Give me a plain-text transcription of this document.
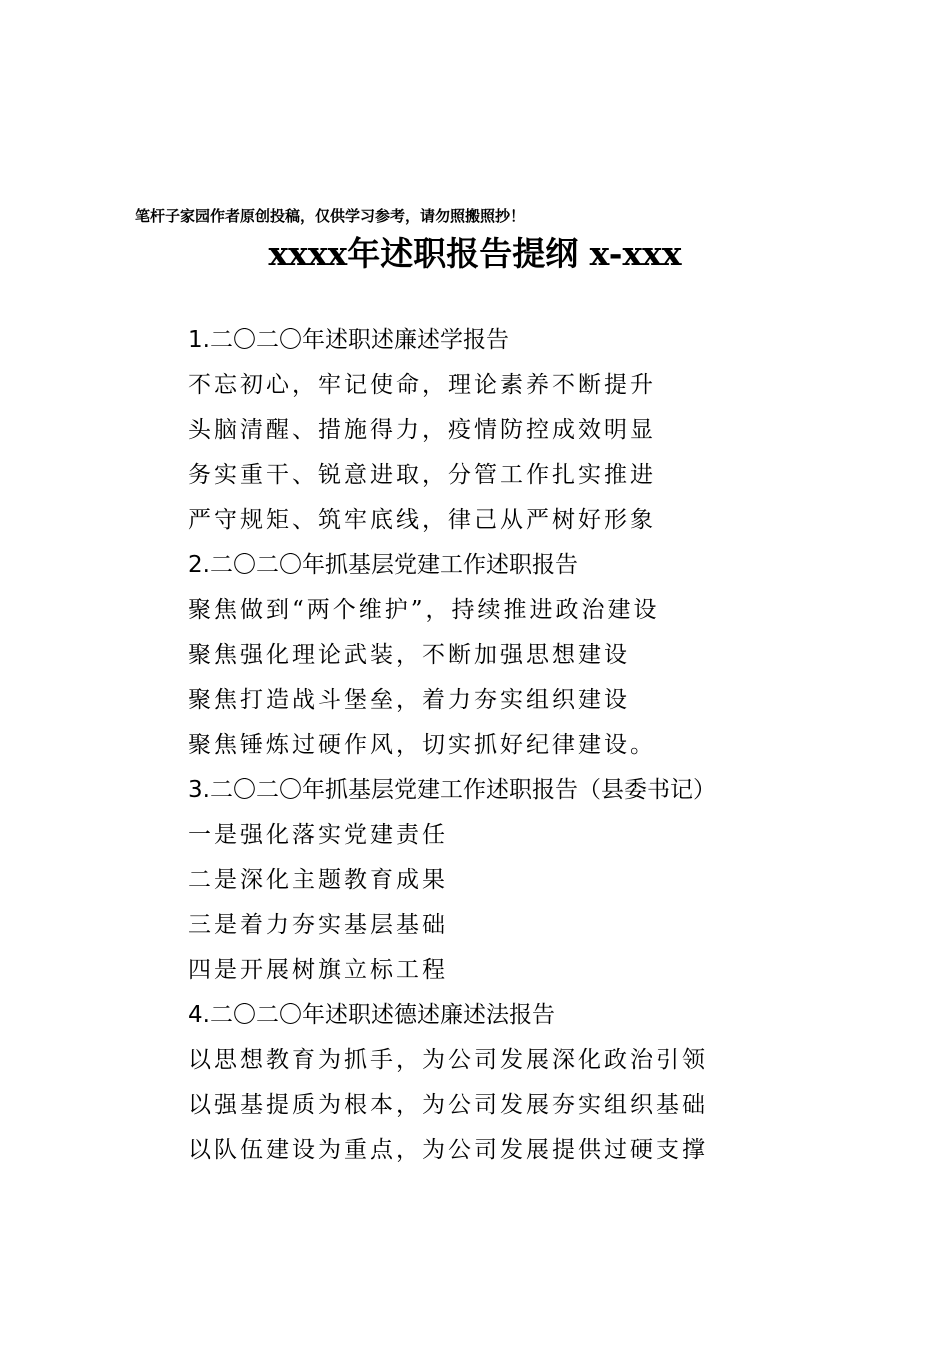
笔杆子家园作者原创投稿，仅供学习参考，请勿照搬照抄！
xxxx年述职报告提纲 x-xxx
1.二〇二〇年述职述廉述学报告
不忘初心，牢记使命，理论素养不断提升
头脑清醒、措施得力，疫情防控成效明显
务实重干、锐意进取，分管工作扎实推进
严守规矩、筑牢底线，律己从严树好形象
2.二〇二〇年抓基层党建工作述职报告
聚焦做到“两个维护”，持续推进政治建设
聚焦强化理论武装，不断加强思想建设
聚焦打造战斗堡垒，着力夯实组织建设
聚焦锤炼过硬作风，切实抓好纪律建设。
3.二〇二〇年抓基层党建工作述职报告（县委书记）
一是强化落实党建责任
二是深化主题教育成果
三是着力夯实基层基础
四是开展树旗立标工程
4.二〇二〇年述职述德述廉述法报告
以思想教育为抓手，为公司发展深化政治引领
以强基提质为根本，为公司发展夯实组织基础
以队伍建设为重点，为公司发展提供过硬支撑
